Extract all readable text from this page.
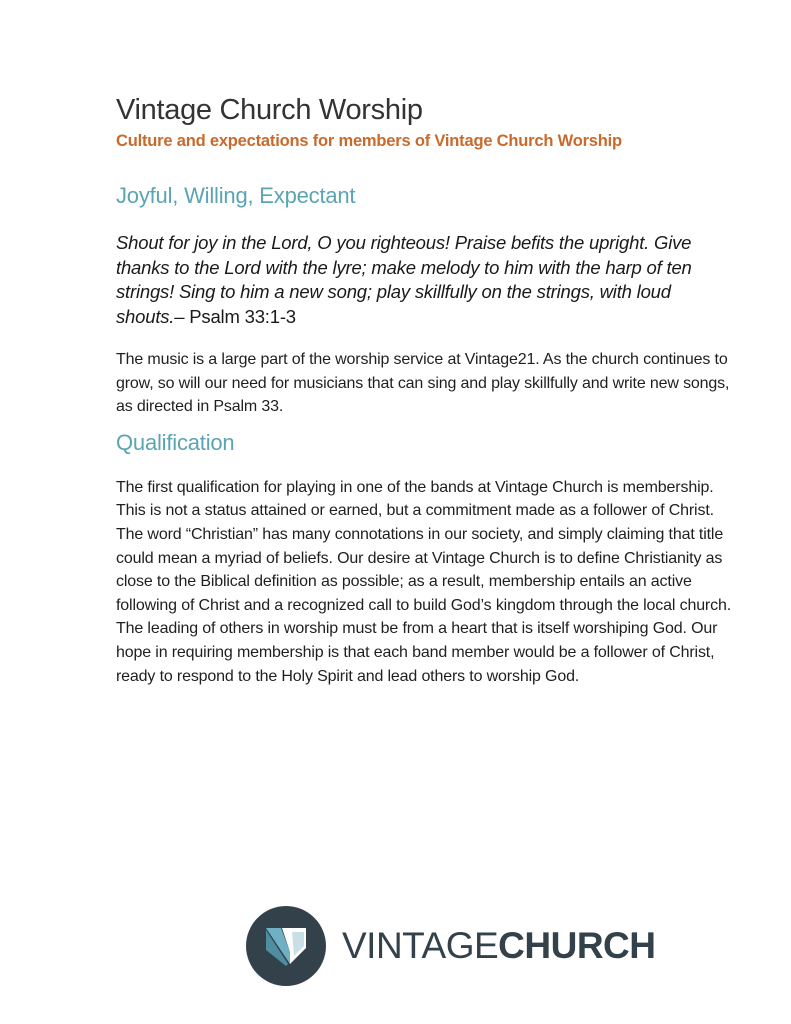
Vintage Church Worship

Culture and expectations for members of Vintage Church Worship

Joyful, Willing, Expectant

Shout for joy in the Lord, O you righteous! Praise befits the upright. Give thanks to the Lord with the lyre; make melody to him with the harp of ten strings! Sing to him a new song; play skillfully on the strings, with loud shouts.– Psalm 33:1-3

The music is a large part of the worship service at Vintage21. As the church continues to grow, so will our need for musicians that can sing and play skillfully and write new songs, as directed in Psalm 33.

Qualification

The first qualification for playing in one of the bands at Vintage Church is membership. This is not a status attained or earned, but a commitment made as a follower of Christ. The word “Christian” has many connotations in our society, and simply claiming that title could mean a myriad of beliefs. Our desire at Vintage Church is to define Christianity as close to the Biblical definition as possible; as a result, membership entails an active following of Christ and a recognized call to build God’s kingdom through the local church. The leading of others in worship must be from a heart that is itself worshiping God. Our hope in requiring membership is that each band member would be a follower of Christ, ready to respond to the Holy Spirit and lead others to worship God.

VINTAGECHURCH
